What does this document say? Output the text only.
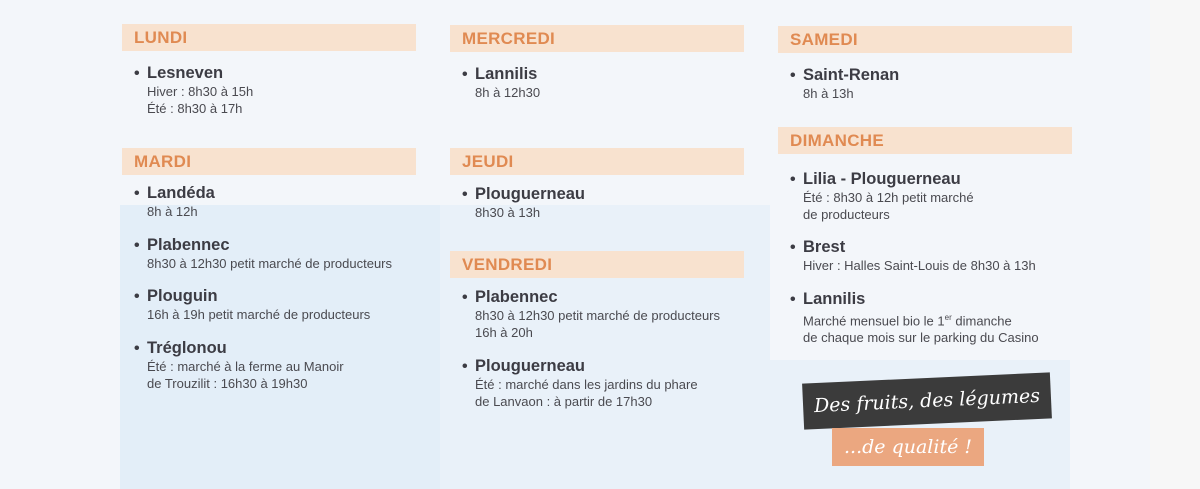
LUNDI
• Lesneven
Hiver : 8h30 à 15h
Été : 8h30 à 17h
MARDI
• Landéda
8h à 12h
• Plabennec
8h30 à 12h30 petit marché de producteurs
• Plouguin
16h à 19h petit marché de producteurs
• Tréglonou
Été : marché à la ferme au Manoir
de Trouzilit : 16h30 à 19h30
MERCREDI
• Lannilis
8h à 12h30
JEUDI
• Plouguerneau
8h30 à 13h
VENDREDI
• Plabennec
8h30 à 12h30 petit marché de producteurs
16h à 20h
• Plouguerneau
Été : marché dans les jardins du phare
de Lanvaon : à partir de 17h30
SAMEDI
• Saint-Renan
8h à 13h
DIMANCHE
• Lilia - Plouguerneau
Été : 8h30 à 12h petit marché
de producteurs
• Brest
Hiver : Halles Saint-Louis de 8h30 à 13h
• Lannilis
Marché mensuel bio le 1er dimanche
de chaque mois sur le parking du Casino
Des fruits, des légumes
...de qualité !
